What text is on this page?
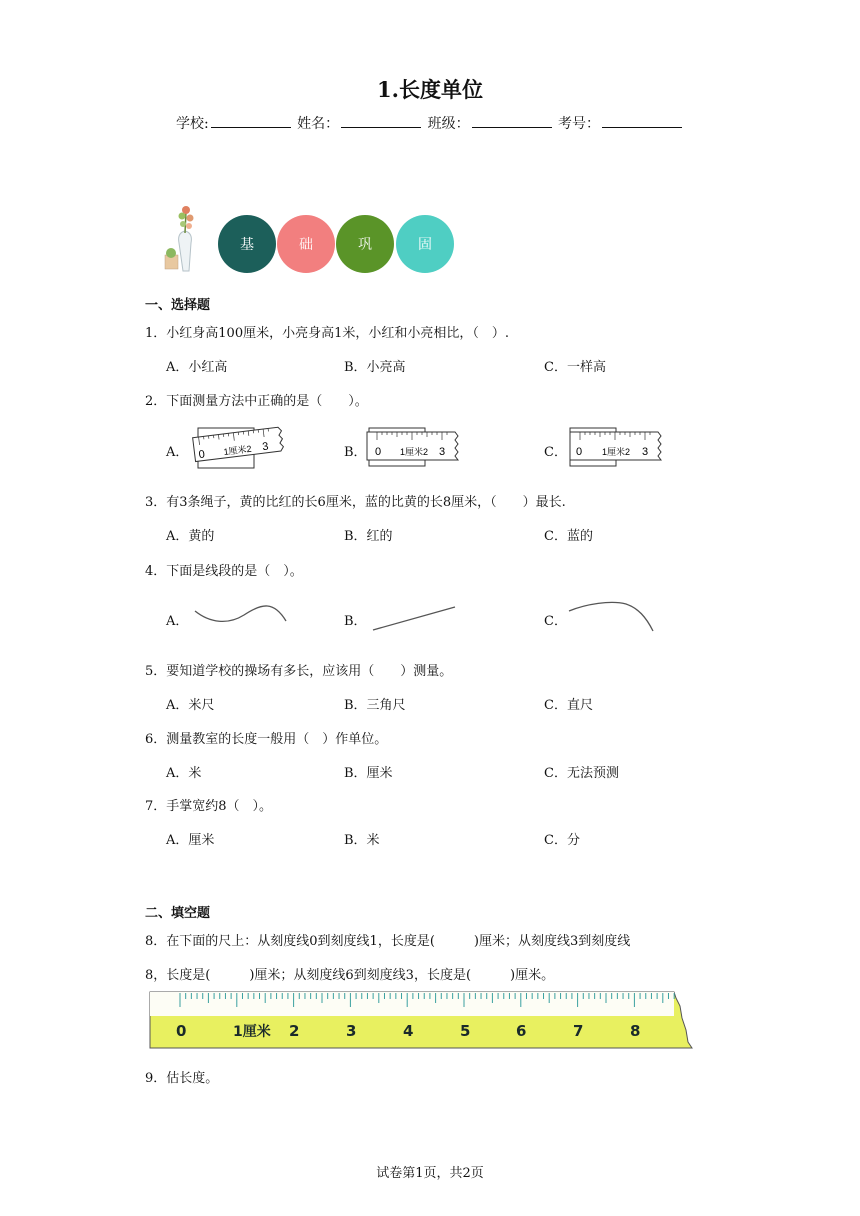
1.长度单位
学校:	姓名：	班级：	考号：
基	础	巩	固
一、选择题
1．小红身高100厘米，小亮身高1米，小红和小亮相比，（　）.
A．小红高	B．小亮高	C．一样高
2．下面测量方法中正确的是（　　）。
A．	B．	C．
0 1厘米2 3	0 1厘米2 3	0 1厘米2 3
3．有3条绳子，黄的比红的长6厘米，蓝的比黄的长8厘米，（　　）最长.
A．黄的	B．红的	C．蓝的
4．下面是线段的是（　）。
A．	B．	C．
5．要知道学校的操场有多长，应该用（　　）测量。
A．米尺	B．三角尺	C．直尺
6．测量教室的长度一般用（　）作单位。
A．米	B．厘米	C．无法预测
7．手掌宽约8（　）。
A．厘米	B．米	C．分
二、填空题
8．在下面的尺上：从刻度线0到刻度线1，长度是(　　　)厘米；从刻度线3到刻度线
8，长度是(　　　)厘米；从刻度线6到刻度线3，长度是(　　　)厘米。
0	1厘米 2	3	4	5	6	7	8
9．估长度。
试卷第1页，共2页
